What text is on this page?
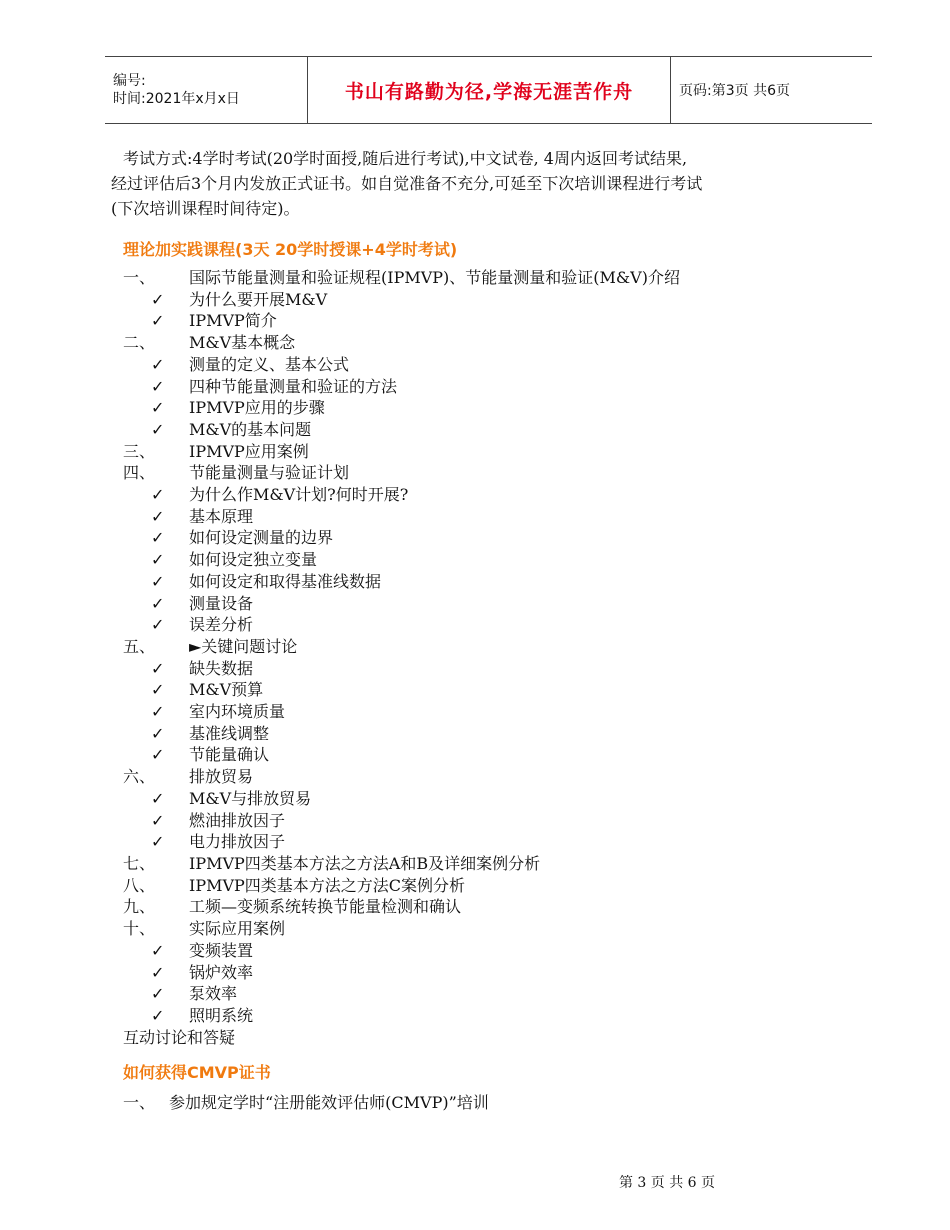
编号:
时间:2021年x月x日	书山有路勤为径,学海无涯苦作舟	页码:第3页 共6页

考试方式:4学时考试(20学时面授,随后进行考试),中文试卷, 4周内返回考试结果,

经过评估后3个月内发放正式证书。如自觉准备不充分,可延至下次培训课程进行考试

(下次培训课程时间待定)。

理论加实践课程(3天 20学时授课+4学时考试)
一、 国际节能量测量和验证规程(IPMVP)、节能量测量和验证(M&V)介绍
✓ 为什么要开展M&V
✓ IPMVP简介
二、 M&V基本概念
✓ 测量的定义、基本公式
✓ 四种节能量测量和验证的方法
✓ IPMVP应用的步骤
✓ M&V的基本问题
三、 IPMVP应用案例
四、 节能量测量与验证计划
✓ 为什么作M&V计划?何时开展?
✓ 基本原理
✓ 如何设定测量的边界
✓ 如何设定独立变量
✓ 如何设定和取得基准线数据
✓ 测量设备
✓ 误差分析
五、 ►关键问题讨论
✓ 缺失数据
✓ M&V预算
✓ 室内环境质量
✓ 基准线调整
✓ 节能量确认
六、 排放贸易
✓ M&V与排放贸易
✓ 燃油排放因子
✓ 电力排放因子
七、 IPMVP四类基本方法之方法A和B及详细案例分析
八、 IPMVP四类基本方法之方法C案例分析
九、 工频—变频系统转换节能量检测和确认
十、 实际应用案例
✓ 变频装置
✓ 锅炉效率
✓ 泵效率
✓ 照明系统
互动讨论和答疑
如何获得CMVP证书
一、 参加规定学时“注册能效评估师(CMVP)”培训
第 3 页 共 6 页
